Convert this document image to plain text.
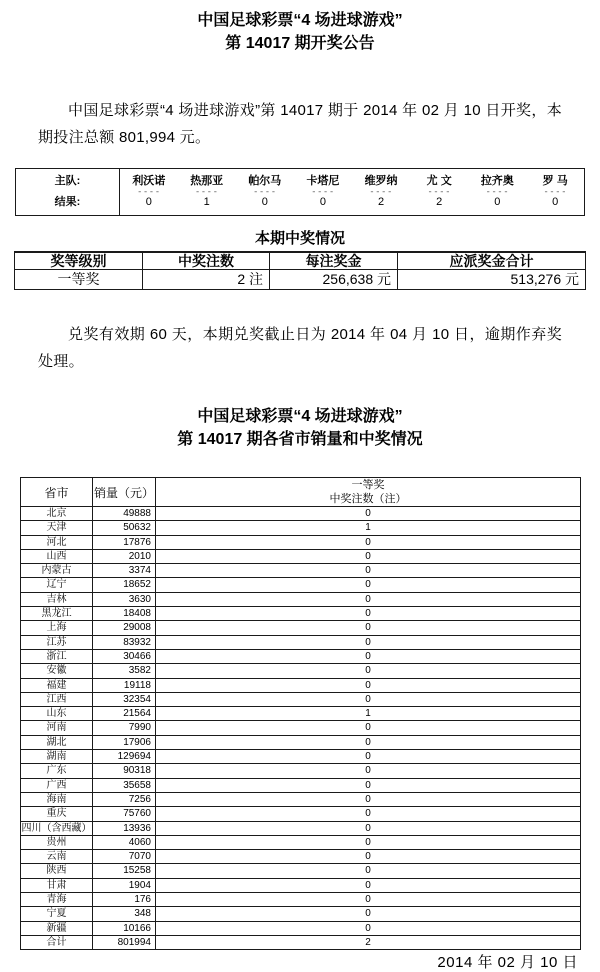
中国足球彩票“4 场进球游戏”
第 14017 期开奖公告

中国足球彩票“4 场进球游戏”第 14017 期于 2014 年 02 月 10 日开奖，本期投注总额 801,994 元。

主队:	利沃诺	热那亚	帕尔马	卡塔尼	维罗纳	尤 文	拉齐奥	罗 马
	----	----	----	----	----	----	----	----
结果:	0	1	0	0	2	2	0	0
本期中奖情况
奖等级别	中奖注数	每注奖金	应派奖金合计
一等奖	2 注	256,638 元	513,276 元

兑奖有效期 60 天，本期兑奖截止日为 2014 年 04 月 10 日，逾期作弃奖处理。

中国足球彩票“4 场进球游戏”
第 14017 期各省市销量和中奖情况
省市	销量（元）	一等奖
中奖注数（注）

北京	49888	0
天津	50632	1
河北	17876	0
山西	2010	0
内蒙古	3374	0
辽宁	18652	0
吉林	3630	0
黑龙江	18408	0
上海	29008	0
江苏	83932	0
浙江	30466	0
安徽	3582	0
福建	19118	0
江西	32354	0
山东	21564	1
河南	7990	0
湖北	17906	0
湖南	129694	0
广东	90318	0
广西	35658	0
海南	7256	0
重庆	75760	0
四川（含西藏）	13936	0
贵州	4060	0
云南	7070	0
陕西	15258	0
甘肃	1904	0
青海	176	0
宁夏	348	0
新疆	10166	0
合计	801994	2
2014 年 02 月 10 日
